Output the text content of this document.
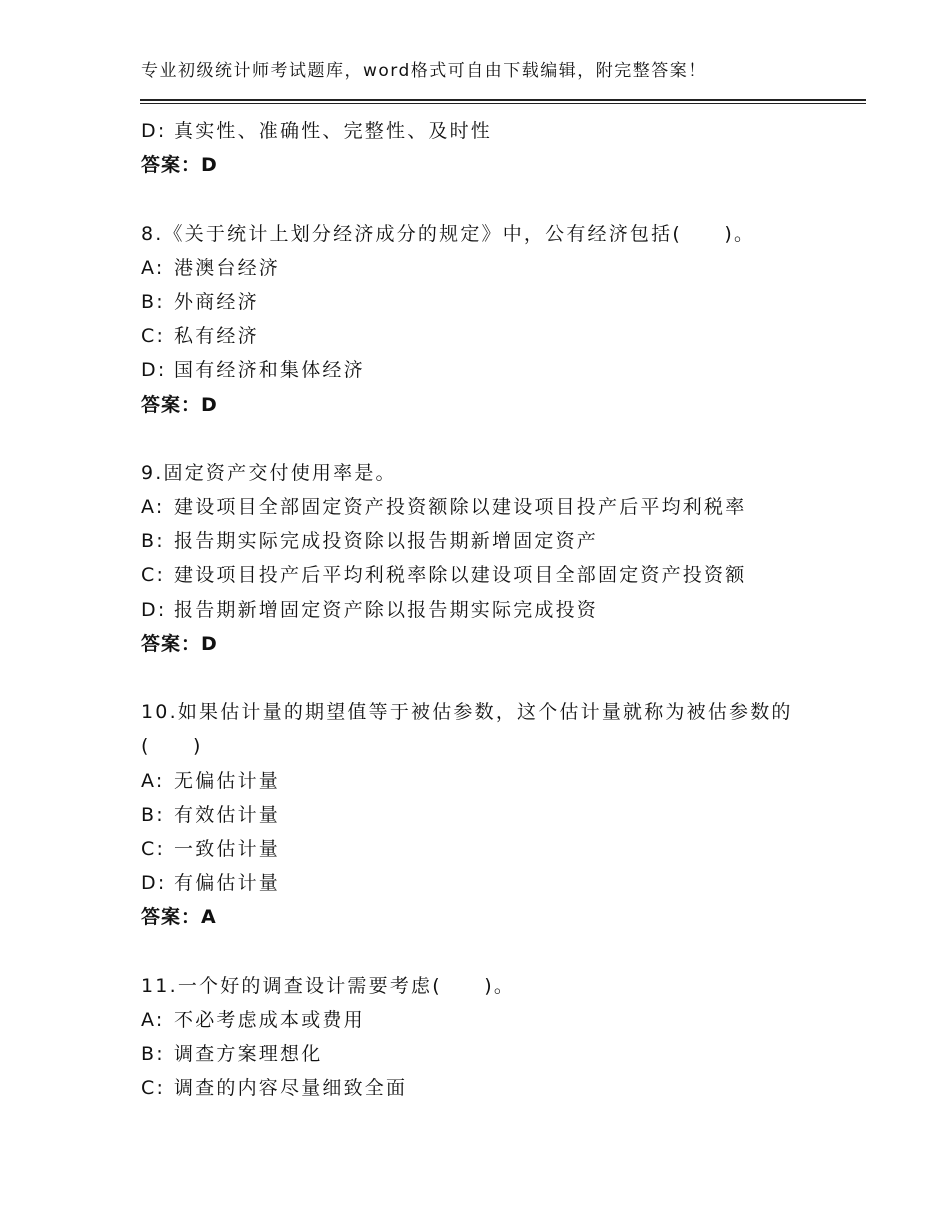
专业初级统计师考试题库，word格式可自由下载编辑，附完整答案！
D: 真实性、准确性、完整性、及时性
答案：D
8.《关于统计上划分经济成分的规定》中，公有经济包括(　　)。
A: 港澳台经济
B: 外商经济
C: 私有经济
D: 国有经济和集体经济
答案：D
9.固定资产交付使用率是。
A: 建设项目全部固定资产投资额除以建设项目投产后平均利税率
B: 报告期实际完成投资除以报告期新增固定资产
C: 建设项目投产后平均利税率除以建设项目全部固定资产投资额
D: 报告期新增固定资产除以报告期实际完成投资
答案：D
10.如果估计量的期望值等于被估参数，这个估计量就称为被估参数的
(　　)
A: 无偏估计量
B: 有效估计量
C: 一致估计量
D: 有偏估计量
答案：A
11.一个好的调查设计需要考虑(　　)。
A: 不必考虑成本或费用
B: 调查方案理想化
C: 调查的内容尽量细致全面
